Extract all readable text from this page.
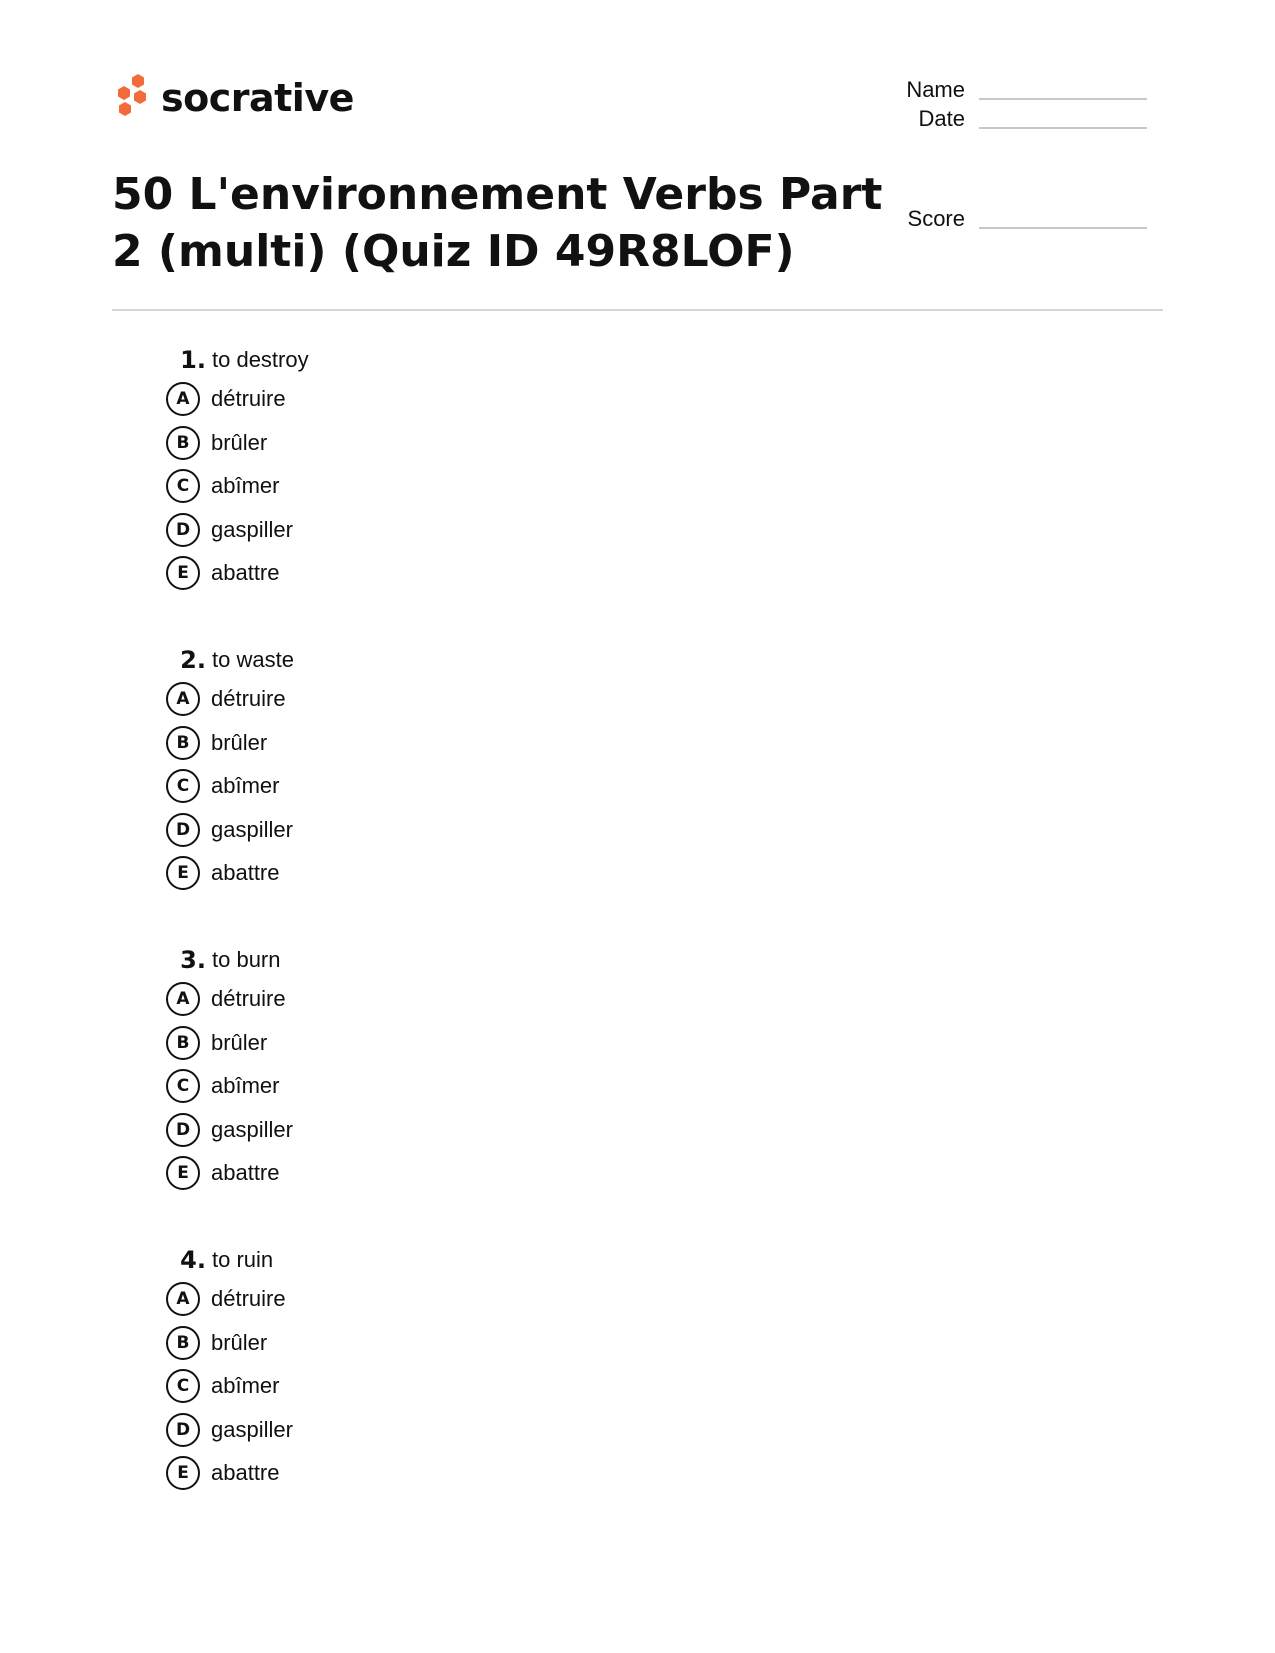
socrative
50 L'environnement Verbs Part 2 (multi) (Quiz ID 49R8LOF)
Name
Date
Score
1. to destroy
A détruire
B brûler
C abîmer
D gaspiller
E	abattre
2. to waste
A détruire
B brûler
C abîmer
D gaspiller
E	abattre
3. to burn
A détruire
B brûler
C abîmer
D gaspiller
E	abattre
4. to ruin
A détruire
B brûler
C abîmer
D gaspiller
E	abattre
